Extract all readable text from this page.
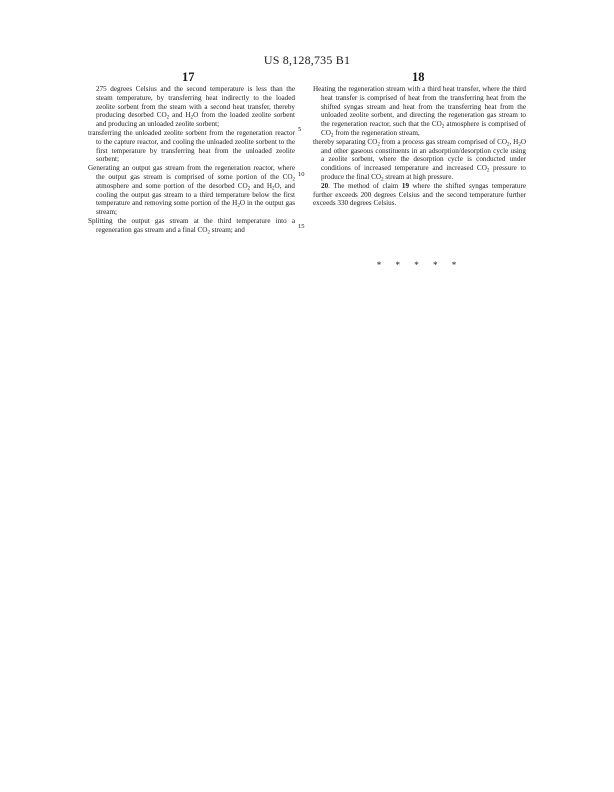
US 8,128,735 B1
17	18
5
10
15

275 degrees Celsius and the second temperature is less than the steam temperature, by transferring heat indirectly to the loaded zeolite sorbent from the steam with a second heat transfer, thereby producing desorbed $CO_2$ and $H_2O$ from the loaded zeolite sorbent and producing an unloaded zeolite sorbent;

transferring the unloaded zeolite sorbent from the regeneration reactor to the capture reactor, and cooling the unloaded zeolite sorbent to the first temperature by transferring heat from the unloaded zeolite sorbent;

Generating an output gas stream from the regeneration reactor, where the output gas stream is comprised of some portion of the $CO_2$ atmosphere and some portion of the desorbed $CO_2$ and $H_2O$, and cooling the output gas stream to a third temperature below the first temperature and removing some portion of the $H_2O$ in the output gas stream;

Splitting the output gas stream at the third temperature into a regeneration gas stream and a final $CO_2$ stream; and

Heating the regeneration stream with a third heat transfer, where the third heat transfer is comprised of heat from the transferring heat from the shifted syngas stream and heat from the transferring heat from the unloaded zeolite sorbent, and directing the regeneration gas stream to the regeneration reactor, such that the $CO_2$ atmosphere is comprised of $CO_2$ from the regeneration stream,

thereby separating $CO_2$ from a process gas stream comprised of $CO_2$, $H_2O$ and other gaseous constituents in an adsorption/desorption cycle using a zeolite sorbent, where the desorption cycle is conducted under conditions of increased temperature and increased $CO_2$ pressure to produce the final $CO_2$ stream at high pressure.

20. The method of claim 19 where the shifted syngas temperature further exceeds 200 degrees Celsius and the second temperature further exceeds 330 degrees Celsius.

* * * * *
